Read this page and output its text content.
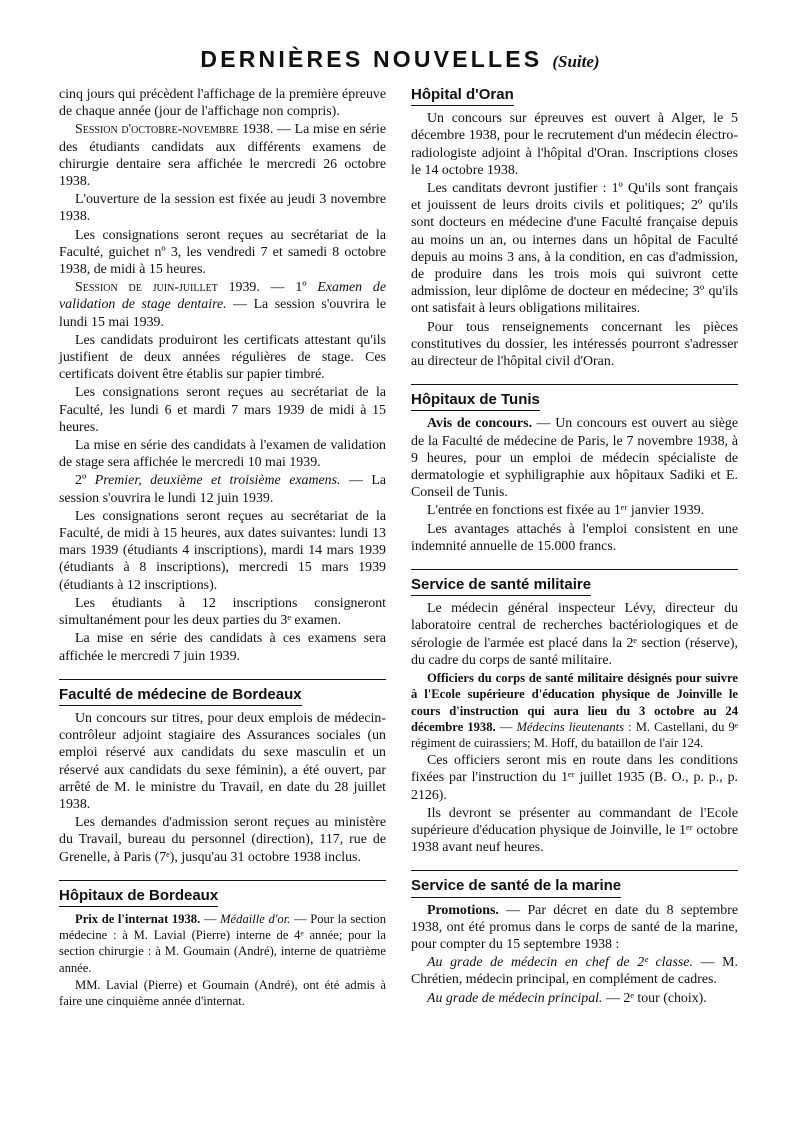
DERNIÈRES NOUVELLES (Suite)

cinq jours qui précèdent l'affichage de la première épreuve de chaque année (jour de l'affichage non compris).

Session d'octobre-novembre 1938. — La mise en série des étudiants candidats aux différents examens de chirurgie dentaire sera affichée le mercredi 26 octobre 1938.

L'ouverture de la session est fixée au jeudi 3 novembre 1938.

Les consignations seront reçues au secrétariat de la Faculté, guichet nº 3, les vendredi 7 et samedi 8 octobre 1938, de midi à 15 heures.

Session de juin-juillet 1939. — 1º Examen de validation de stage dentaire. — La session s'ouvrira le lundi 15 mai 1939.

Les candidats produiront les certificats attestant qu'ils justifient de deux années régulières de stage. Ces certificats doivent être établis sur papier timbré.

Les consignations seront reçues au secrétariat de la Faculté, les lundi 6 et mardi 7 mars 1939 de midi à 15 heures.

La mise en série des candidats à l'examen de validation de stage sera affichée le mercredi 10 mai 1939.

2º Premier, deuxième et troisième examens. — La session s'ouvrira le lundi 12 juin 1939.

Les consignations seront reçues au secrétariat de la Faculté, de midi à 15 heures, aux dates suivantes: lundi 13 mars 1939 (étudiants 4 inscriptions), mardi 14 mars 1939 (étudiants à 8 inscriptions), mercredi 15 mars 1939 (étudiants à 12 inscriptions).

Les étudiants à 12 inscriptions consigneront simultanément pour les deux parties du 3ᵉ examen.

La mise en série des candidats à ces examens sera affichée le mercredi 7 juin 1939.

Faculté de médecine de Bordeaux

Un concours sur titres, pour deux emplois de médecin-contrôleur adjoint stagiaire des Assurances sociales (un emploi réservé aux candidats du sexe masculin et un réservé aux candidats du sexe féminin), a été ouvert, par arrêté de M. le ministre du Travail, en date du 28 juillet 1938.

Les demandes d'admission seront reçues au ministère du Travail, bureau du personnel (direction), 117, rue de Grenelle, à Paris (7ᵉ), jusqu'au 31 octobre 1938 inclus.

Hôpitaux de Bordeaux

Prix de l'internat 1938. — Médaille d'or. — Pour la section médecine : à M. Lavial (Pierre) interne de 4ᵉ année; pour la section chirurgie : à M. Goumain (André), interne de quatrième année.

MM. Lavial (Pierre) et Goumain (André), ont été admis à faire une cinquième année d'internat.

Hôpital d'Oran

Un concours sur épreuves est ouvert à Alger, le 5 décembre 1938, pour le recrutement d'un médecin électro-radiologiste adjoint à l'hôpital d'Oran. Inscriptions closes le 14 octobre 1938.

Les canditats devront justifier : 1º Qu'ils sont français et jouissent de leurs droits civils et politiques; 2º qu'ils sont docteurs en médecine d'une Faculté française depuis au moins un an, ou internes dans un hôpital de Faculté depuis au moins 3 ans, à la condition, en cas d'admission, de produire dans les trois mois qui suivront cette admission, leur diplôme de docteur en médecine; 3º qu'ils ont satisfait à leurs obligations militaires.

Pour tous renseignements concernant les pièces constitutives du dossier, les intéressés pourront s'adresser au directeur de l'hôpital civil d'Oran.

Hôpitaux de Tunis

Avis de concours. — Un concours est ouvert au siège de la Faculté de médecine de Paris, le 7 novembre 1938, à 9 heures, pour un emploi de médecin spécialiste de dermatologie et syphiligraphie aux hôpitaux Sadiki et E. Conseil de Tunis.

L'entrée en fonctions est fixée au 1ᵉʳ janvier 1939.

Les avantages attachés à l'emploi consistent en une indemnité annuelle de 15.000 francs.

Service de santé militaire

Le médecin général inspecteur Lévy, directeur du laboratoire central de recherches bactériologiques et de sérologie de l'armée est placé dans la 2ᵉ section (réserve), du cadre du corps de santé militaire.

Officiers du corps de santé militaire désignés pour suivre à l'Ecole supérieure d'éducation physique de Joinville le cours d'instruction qui aura lieu du 3 octobre au 24 décembre 1938. — Médecins lieutenants : M. Castellani, du 9ᵉ régiment de cuirassiers; M. Hoff, du bataillon de l'air 124.

Ces officiers seront mis en route dans les conditions fixées par l'instruction du 1ᵉʳ juillet 1935 (B. O., p. p., p. 2126).

Ils devront se présenter au commandant de l'Ecole supérieure d'éducation physique de Joinville, le 1ᵉʳ octobre 1938 avant neuf heures.

Service de santé de la marine

Promotions. — Par décret en date du 8 septembre 1938, ont été promus dans le corps de santé de la marine, pour compter du 15 septembre 1938 :

Au grade de médecin en chef de 2ᵉ classe. — M. Chrétien, médecin principal, en complément de cadres.

Au grade de médecin principal. — 2ᵉ tour (choix).
